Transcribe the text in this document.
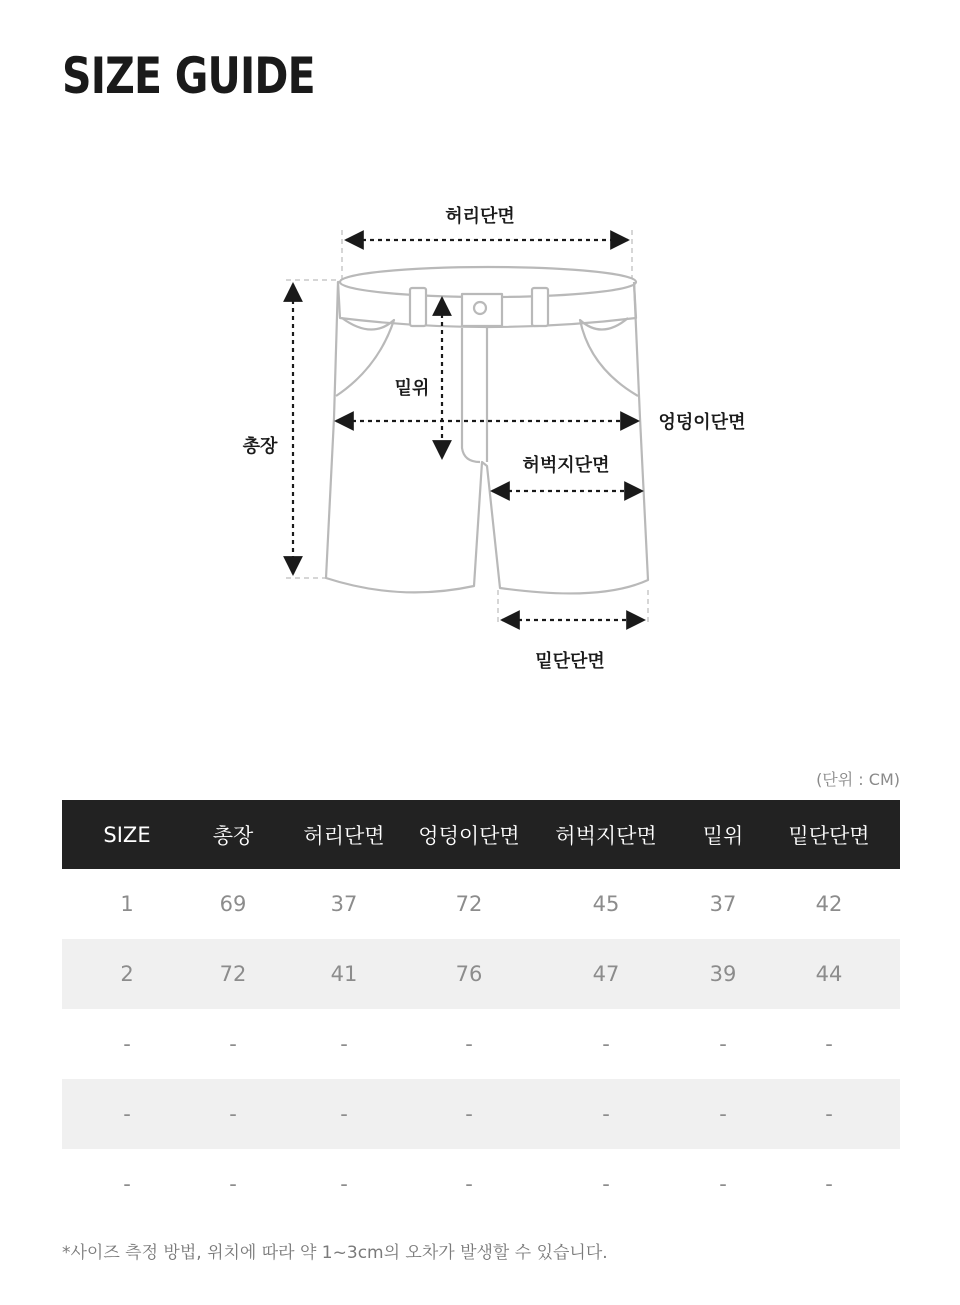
SIZE GUIDE
허리단면
밑위
엉덩이단면
총장
허벅지단면
밑단단면
(단위 : CM)
SIZE	총장	허리단면	엉덩이단면	허벅지단면	밑위	밑단단면
1	69	37	72	45	37	42
2	72	41	76	47	39	44
-	-	-	-	-	-	-
-	-	-	-	-	-	-
-	-	-	-	-	-	-
*사이즈 측정 방법, 위치에 따라 약 1~3cm의 오차가 발생할 수 있습니다.
